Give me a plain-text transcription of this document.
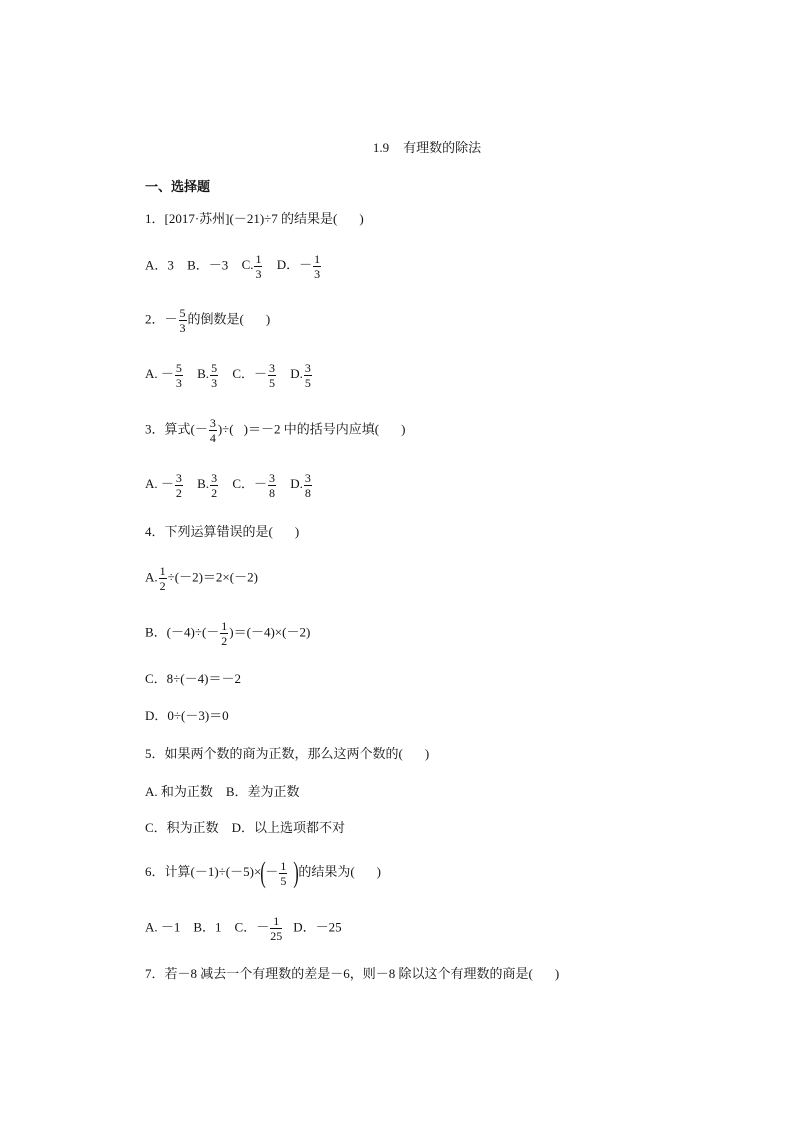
1.9 有理数的除法
一、选择题
1．[2017·苏州](－21)÷7 的结果是( )
A．3 B．－3 C. $\frac{1}{3}$ D．－ $\frac{1}{3}$
2．－ $\frac{5}{3}$ 的倒数是( )
A. － $\frac{5}{3} B$. $\frac{5}{3}$ C．－ $\frac{3}{5} D$. $\frac{3}{5}$
3．算式(－ $\frac{3}{4}$ )÷( )＝－2 中的括号内应填( )
A. － $\frac{3}{2} B$. $\frac{3}{2}$ C．－ $\frac{3}{8} D$. $\frac{3}{8}$
4．下列运算错误的是( )
A. $\frac{1}{2} \div(-2)=2\times(-2)$
B．$(-4)\div(- \frac{1}{2} )=(-4)\times(-2)$
C．8÷(－4)＝－2
D．0÷(－3)＝0
5．如果两个数的商为正数，那么这两个数的( )
A. 和为正数　B．差为正数
C．积为正数　D．以上选项都不对
6．计算$(-1)\div(-5)\times(- \frac{1}{5}$ )的结果为( )
A. －1　B．1　C．－ $\frac{1}{25}$ D．－25
7．若－8 减去一个有理数的差是－6，则－8 除以这个有理数的商是( )
